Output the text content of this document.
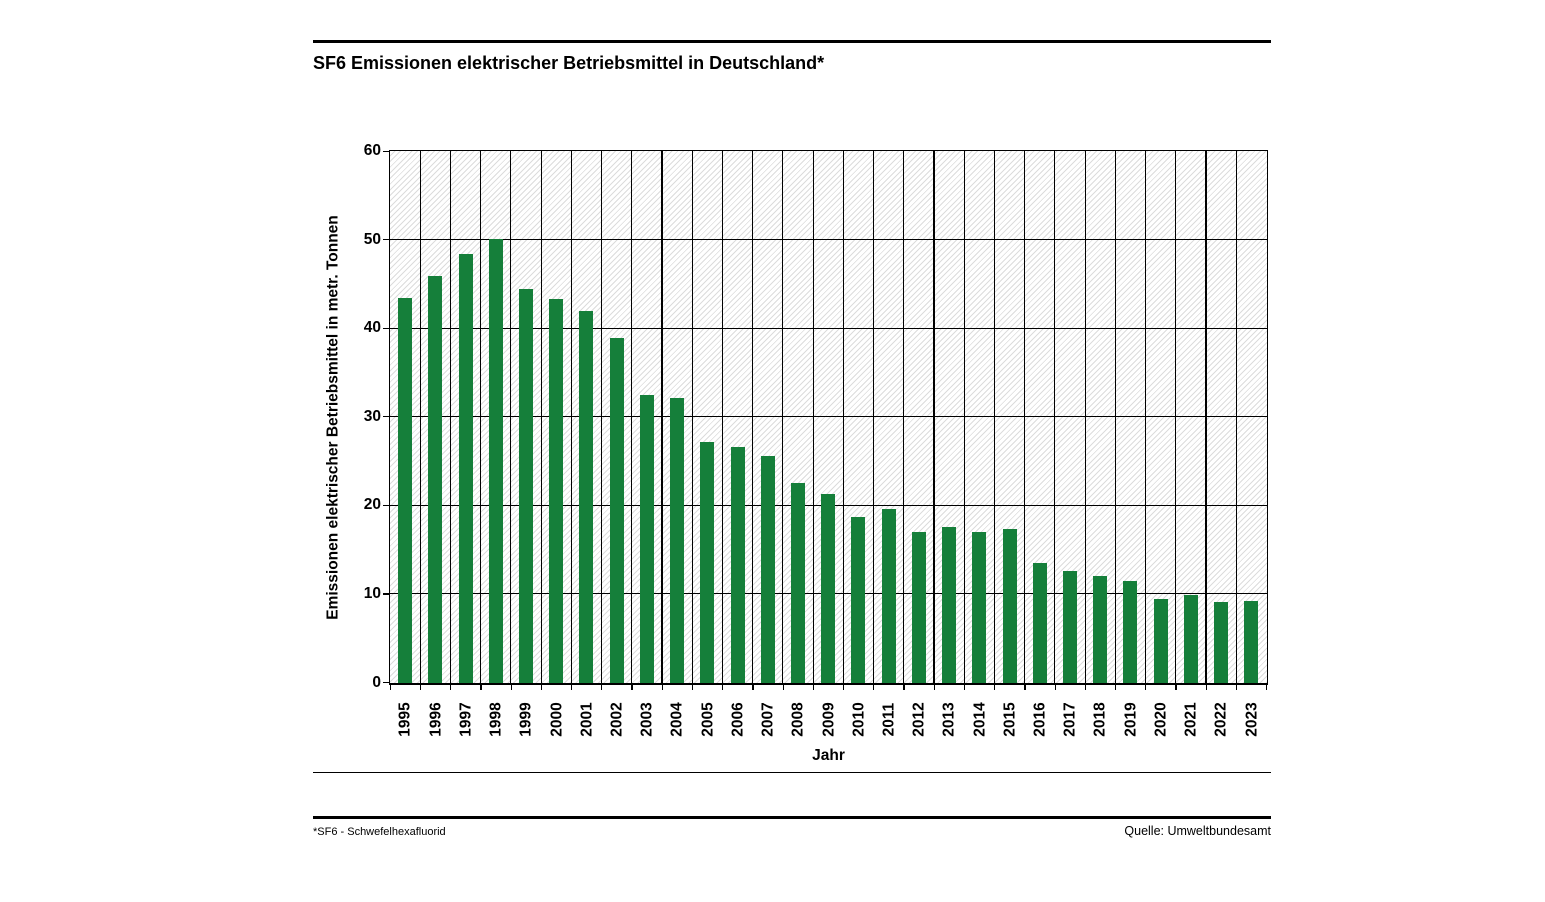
SF6 Emissionen elektrischer Betriebsmittel in Deutschland*
Emissionen elektrischer Betriebsmittel in metr. Tonnen
0
10
20
30
40
50
60
1995 1996 1997 1998 1999 2000 2001 2002 2003 2004 2005 2006 2007 2008 2009 2010 2011 2012 2013 2014 2015 2016 2017 2018 2019 2020 2021 2022 2023
Jahr
*SF6 - Schwefelhexafluorid	Quelle: Umweltbundesamt
